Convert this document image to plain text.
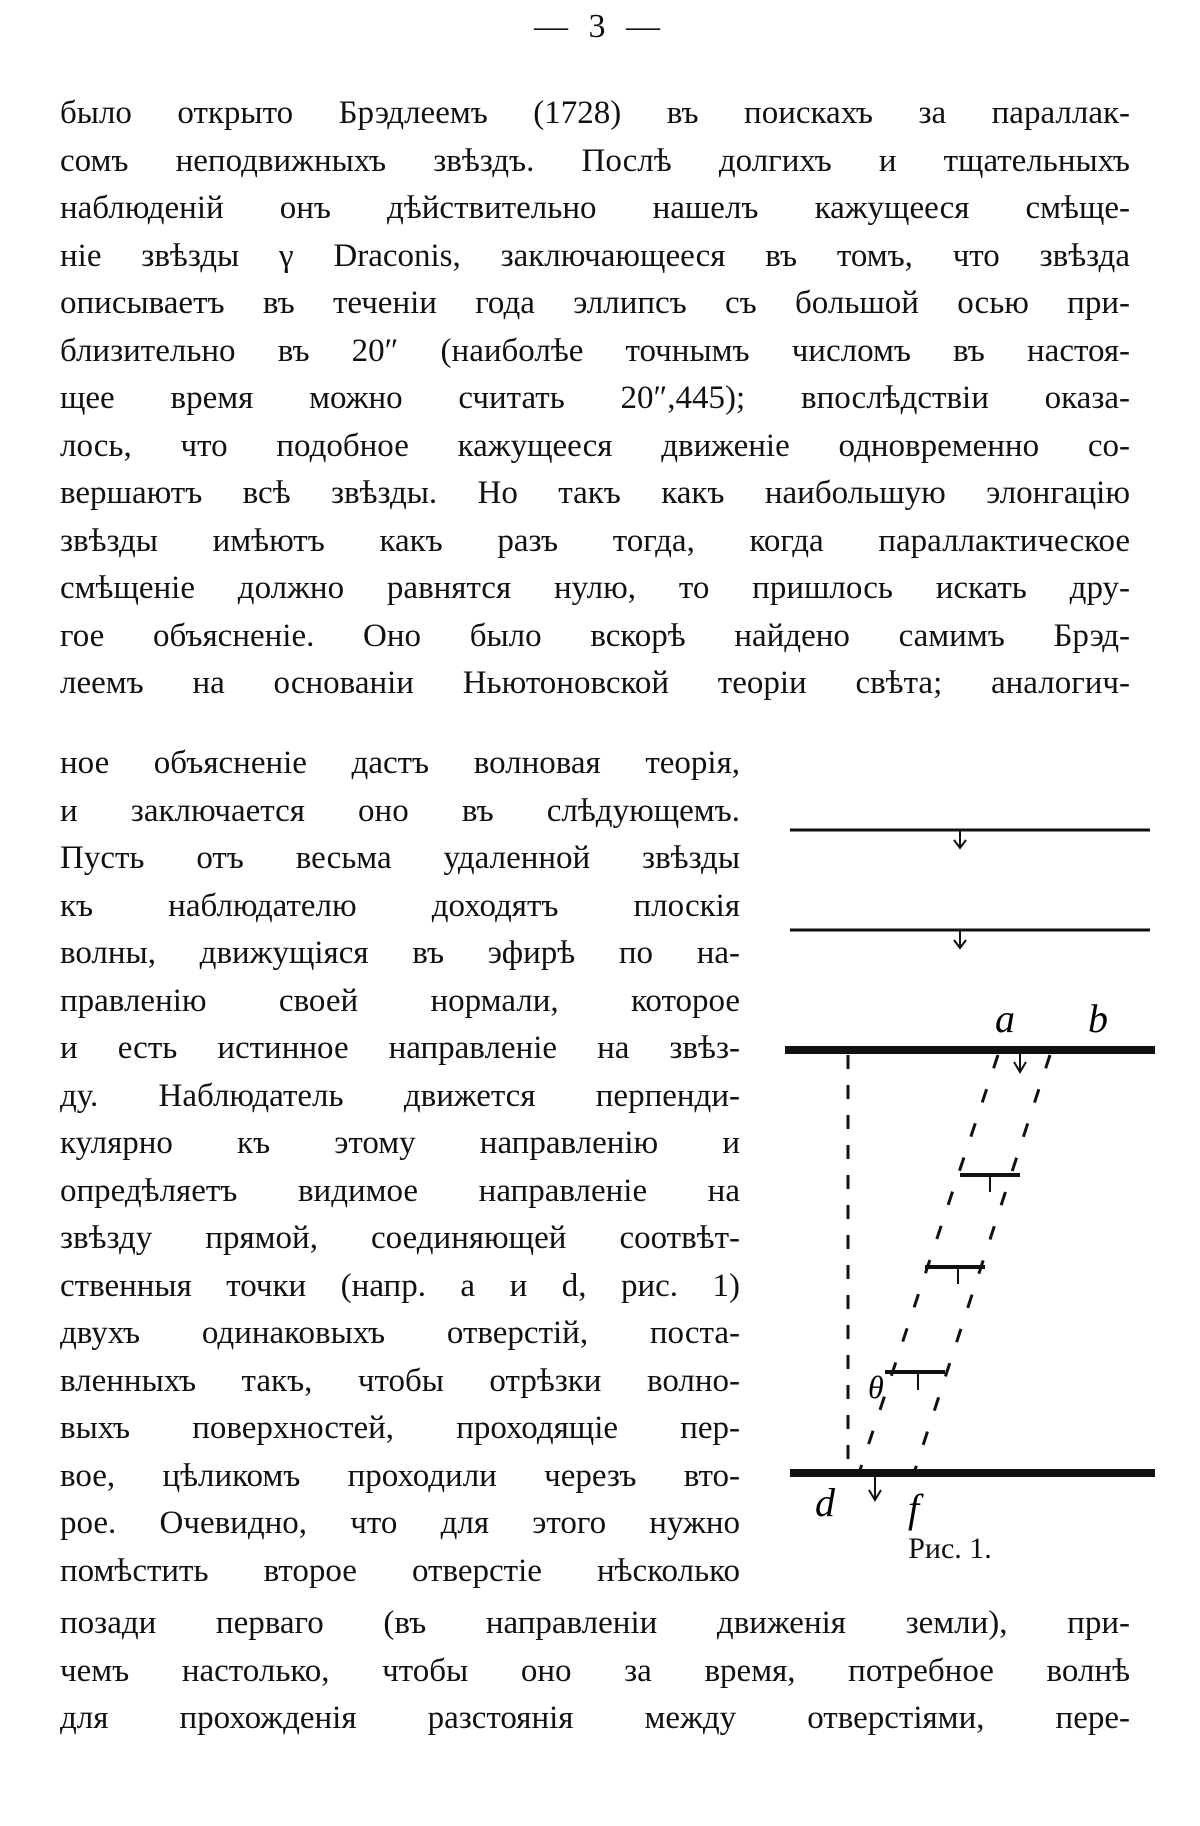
— 3 —
было открыто Брэдлеемъ (1728) въ поискахъ за параллак-
сомъ неподвижныхъ звѣздъ. Послѣ долгихъ и тщательныхъ
наблюденій онъ дѣйствительно нашелъ кажущееся смѣще-
ніе звѣзды γ Draconis, заключающееся въ томъ, что звѣзда
описываетъ въ теченіи года эллипсъ съ большой осью при-
близительно въ 20″ (наиболѣе точнымъ числомъ въ настоя-
щее время можно считать 20″,445); впослѣдствіи оказа-
лось, что подобное кажущееся движеніе одновременно со-
вершаютъ всѣ звѣзды. Но такъ какъ наибольшую элонгацію
звѣзды имѣютъ какъ разъ тогда, когда параллактическое
смѣщеніе должно равнятся нулю, то пришлось искать дру-
гое объясненіе. Оно было вскорѣ найдено самимъ Брэд-
леемъ на основаніи Ньютоновской теоріи свѣта; аналогич-
ное объясненіе дастъ волновая теорія,
и заключается оно въ слѣдующемъ.
Пусть отъ весьма удаленной звѣзды
къ наблюдателю доходятъ плоскія
волны, движущіяся въ эфирѣ по на-
правленію своей нормали, которое
и есть истинное направленіе на звѣз-
ду. Наблюдатель движется перпенди-
кулярно къ этому направленію и
опредѣляетъ видимое направленіе на
звѣзду прямой, соединяющей соотвѣт-
ственныя точки (напр. a и d, рис. 1)
двухъ одинаковыхъ отверстій, поста-
вленныхъ такъ, чтобы отрѣзки волно-
выхъ поверхностей, проходящіе пер-
вое, цѣликомъ проходили черезъ вто-
рое. Очевидно, что для этого нужно
помѣстить второе отверстіе нѣсколько
позади перваго (въ направленіи движенія земли), при-
чемъ настолько, чтобы оно за время, потребное волнѣ
для прохожденія разстоянія между отверстіями, пере-
a b
θ
d f
Рис. 1.
